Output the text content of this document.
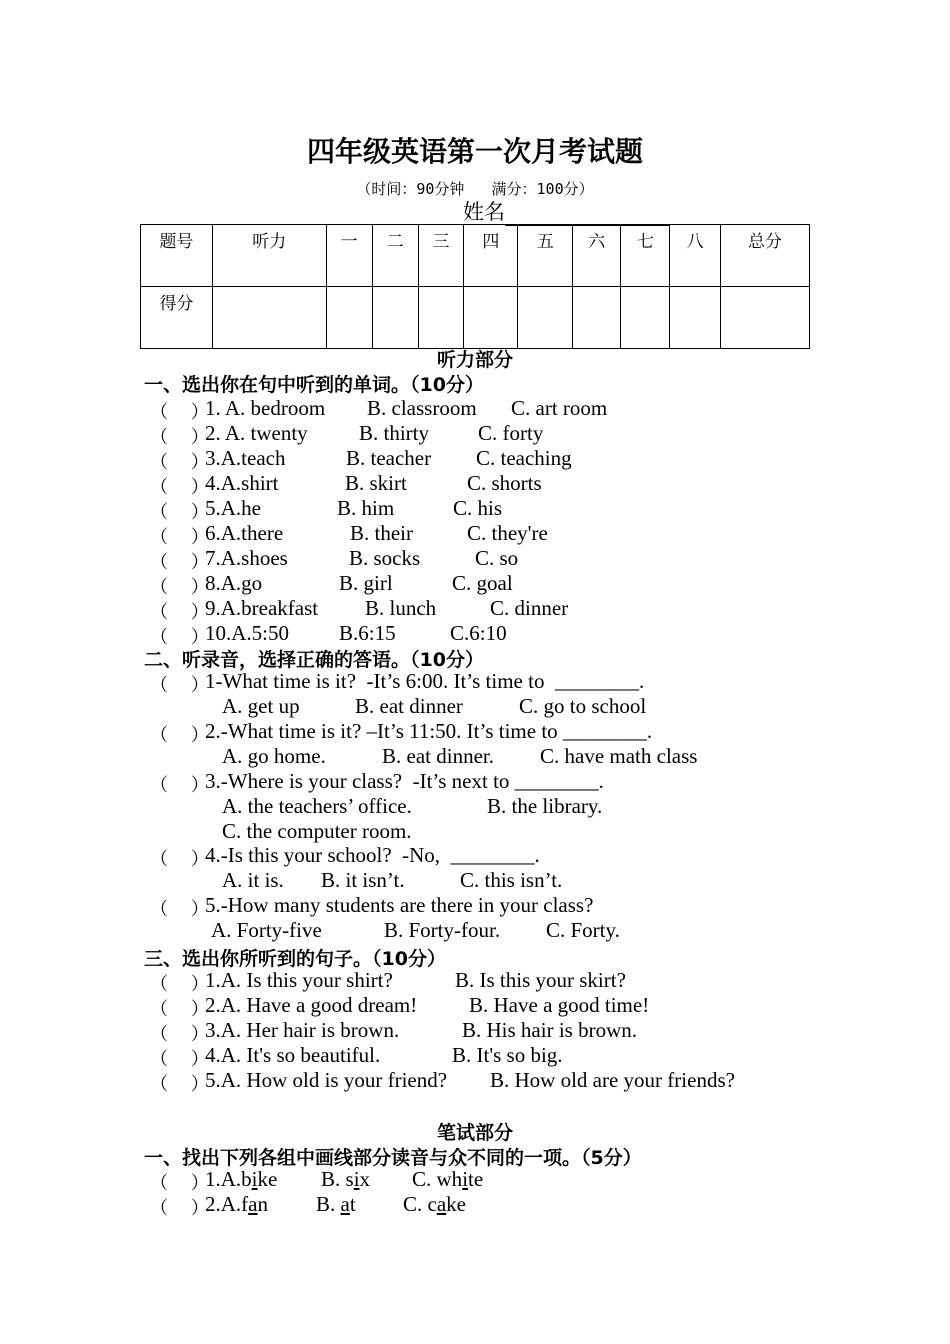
四年级英语第一次月考试题
（时间：90分钟   满分：100分）
姓名
题号	听力	一	二	三	四	五	六	七	八	总分
得分										
听力部分
一、选出你在句中听到的单词。（10分）
（    ）
1. A. bedroom B. classroom C. art room
（    ）
2. A. twenty B. thirty C. forty
（    ）
3.A.teach	B. teacher C. teaching
（    ）
4.A.shirt	B. skirt	C. shorts
（    ）
5.A.he	B. him	C. his
（    ）
6.A.there	B. their	C. they're
（    ）
7.A.shoes	B. socks	C. so
（    ）
8.A.go	B. girl	C. goal
（    ）
9.A.breakfast B. lunch	C. dinner
（    ）
10.A.5:50 B.6:15	C.6:10
二、听录音，选择正确的答语。（10分）
（    ）
1-What time is it?  -It’s 6:00. It’s time to  ________.
A. get up	B. eat dinner	C. go to school
（    ）
2.-What time is it? –It’s 11:50. It’s time to ________.
A. go home.	B. eat dinner. C. have math class
（    ）
3.-Where is your class?  -It’s next to ________.
A. the teachers’ office.	B. the library.
C. the computer room.
（    ）
4.-Is this your school?  -No,  ________.
A. it is. B. it isn’t.	C. this isn’t.
（    ）
5.-How many students are there in your class?
A. Forty-five	B. Forty-four. C. Forty.
三、选出你所听到的句子。（10分）
（    ）
1.A. Is this your shirt?	B. Is this your skirt?
（    ）
2.A. Have a good dream! B. Have a good time!
（    ）
3.A. Her hair is brown.	B. His hair is brown.
（    ）
4.A. It's so beautiful.	B. It's so big.
（    ）
5.A. How old is your friend? B. How old are your friends?
笔试部分
一、找出下列各组中画线部分读音与众不同的一项。（5分）
（    ）
1.A.bike B. six C. white
（    ）
2.A.fan B. at C. cake
